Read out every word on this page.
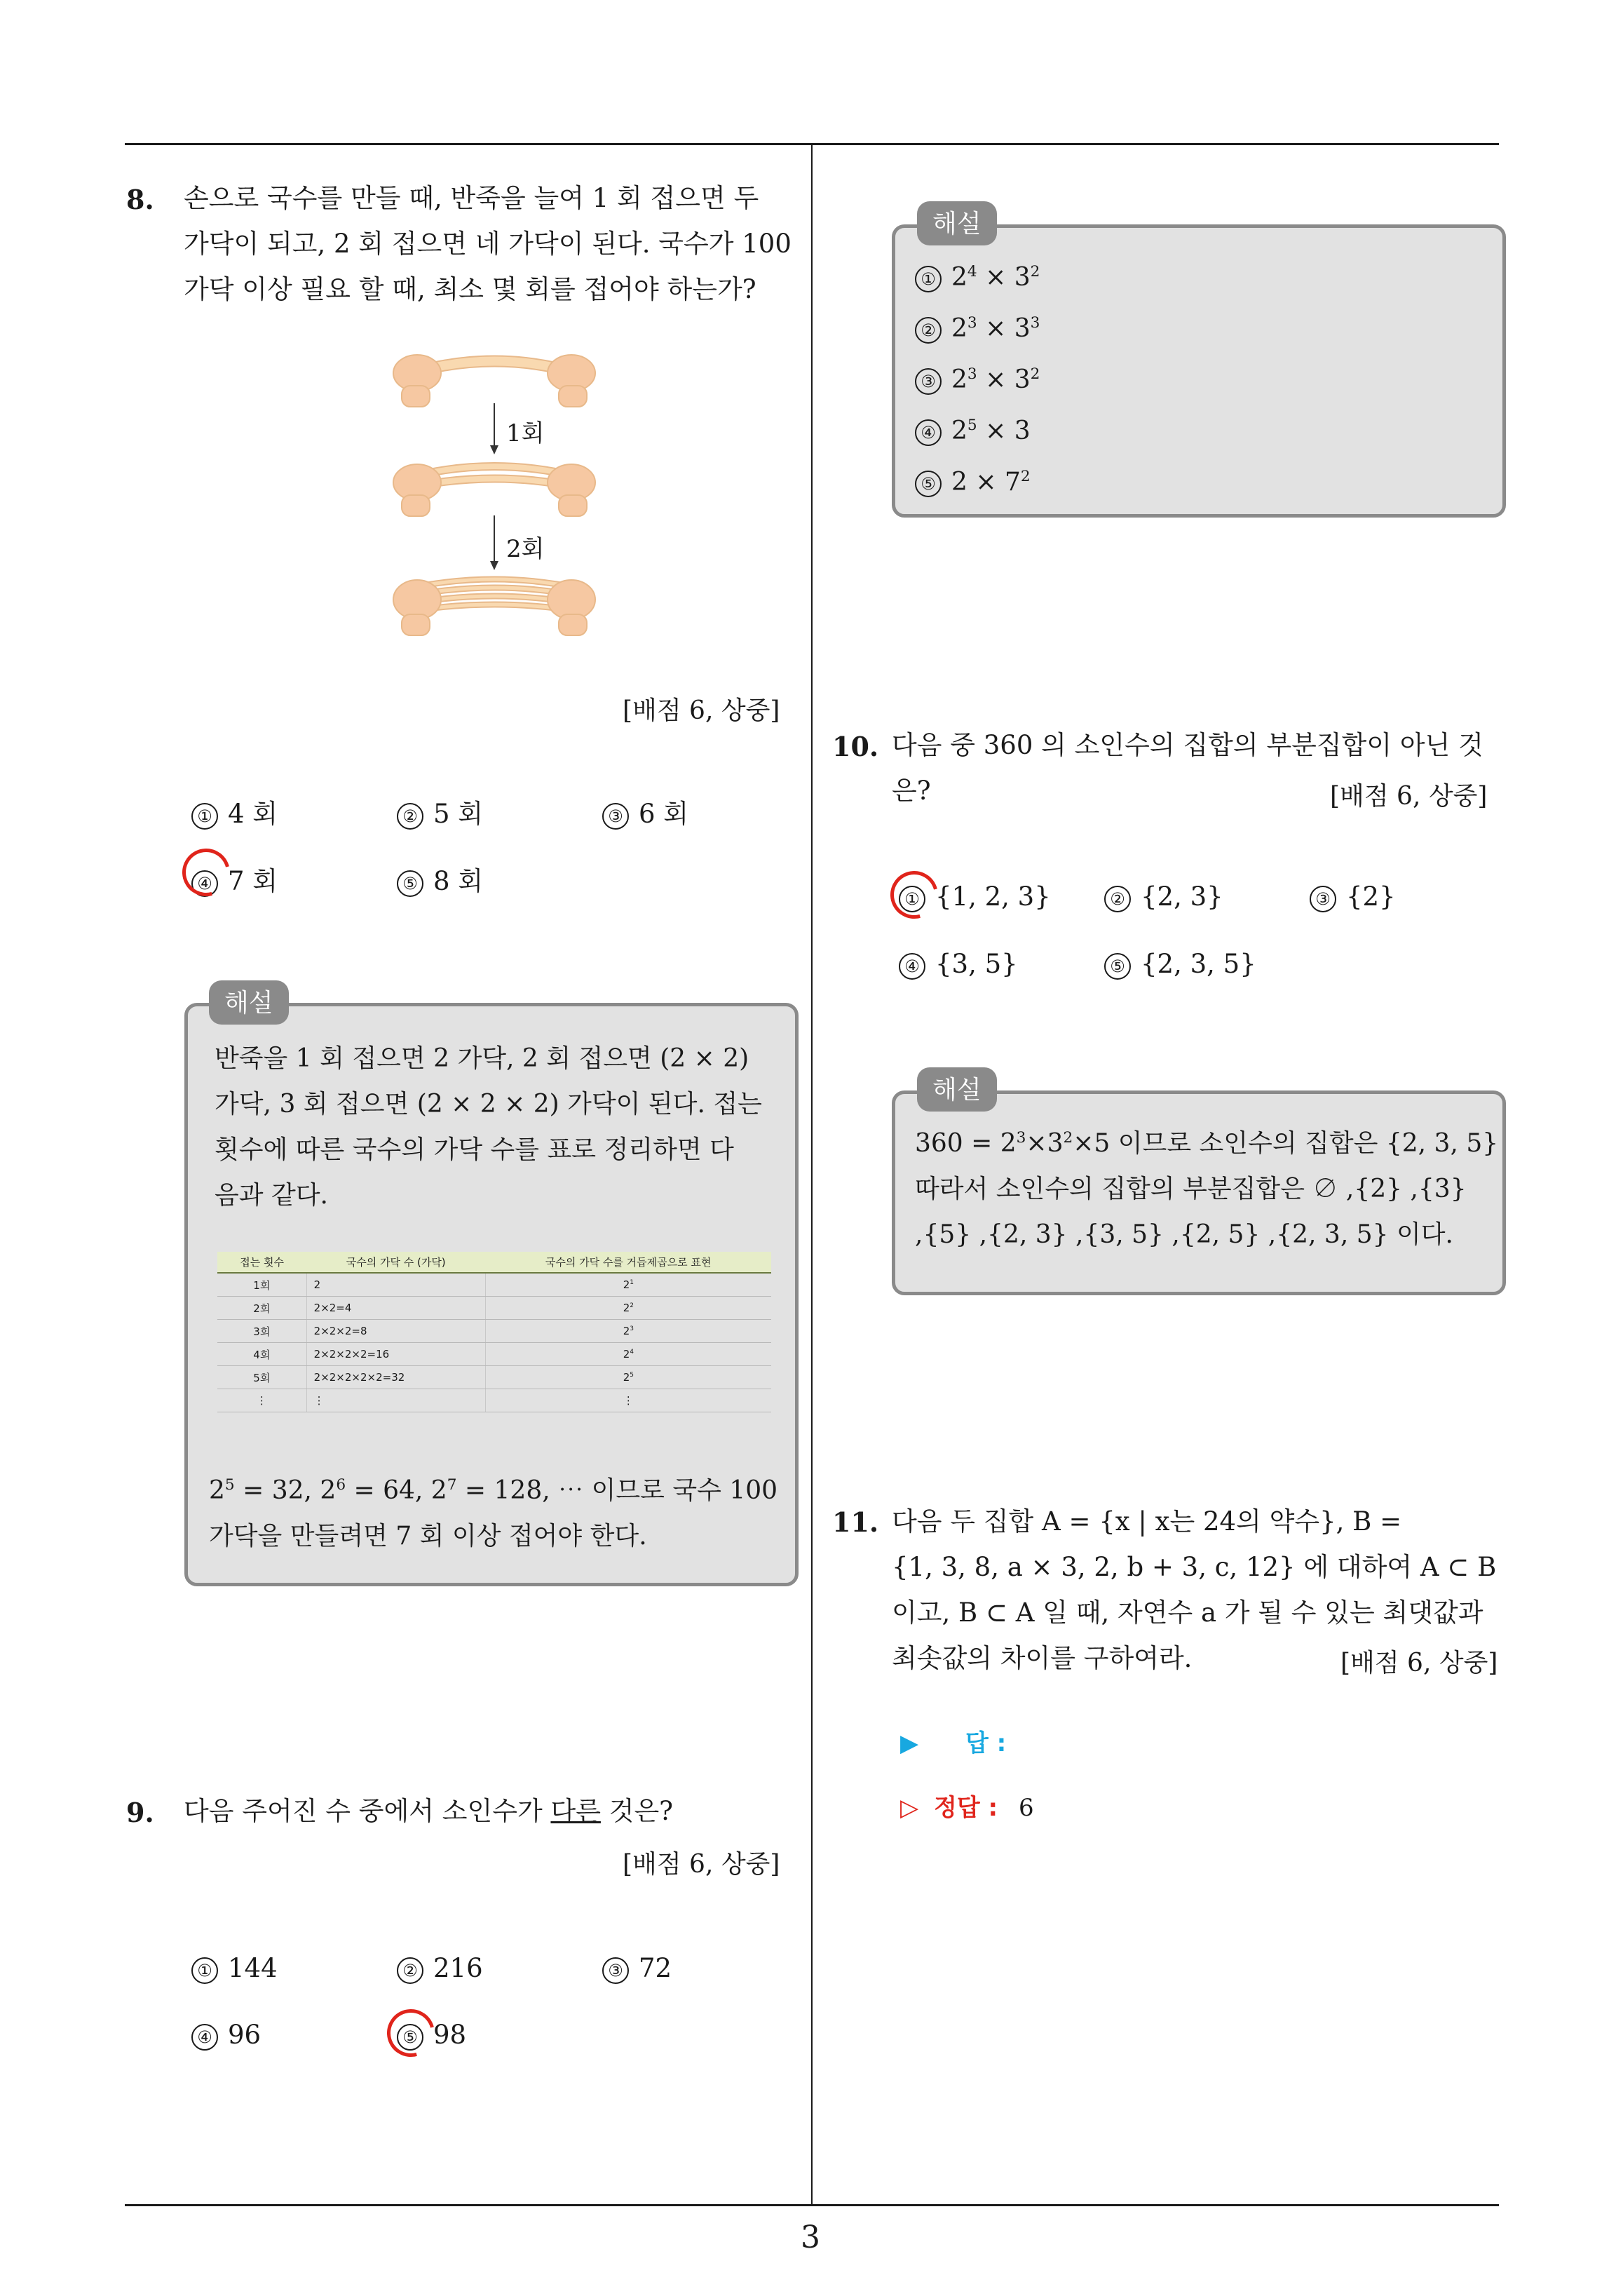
3
8. 손으로 국수를 만들 때, 반죽을 늘여 1 회 접으면 두
가닥이 되고, 2 회 접으면 네 가닥이 된다. 국수가 100
가닥 이상 필요 할 때, 최소 몇 회를 접어야 하는가?
1회
2회
[배점 6, 상중]
① 4 회	② 5 회	③ 6 회
④ 7 회	⑤ 8 회
반죽을 1 회 접으면 2 가닥, 2 회 접으면 (2 × 2)
가닥, 3 회 접으면 (2 × 2 × 2) 가닥이 된다. 접는
횟수에 따른 국수의 가닥 수를 표로 정리하면 다
음과 같다.
접는 횟수	국수의 가닥 수 (가닥)	국수의 가닥 수를 거듭제곱으로 표현
1회	2	$2^1$
2회	2×2=4	$2^2$
3회	2×2×2=8	$2^3$
4회	2×2×2×2=16	$2^4$
5회	2×2×2×2×2=32	$2^5$
⋮	⋮	⋮
$2^5 = 32$, $2^6 = 64$, $2^7 = 128$, ⋯ 이므로 국수 100
가닥을 만들려면 7 회 이상 접어야 한다.
해설
9. 다음 주어진 수 중에서 소인수가 다른 것은?
[배점 6, 상중]
① 144	② 216	③ 72
④ 96	⑤ 98
① $2^4 \times 3^2$
② $2^3 \times 3^3$
③ $2^3 \times 3^2$
④ $2^5 \times 3$
⑤ $2 \times 7^2$
해설
10. 다음 중 360 의 소인수의 집합의 부분집합이 아닌 것
은?	[배점 6, 상중]
① {1, 2, 3}	② {2, 3}	③ {2}
④ {3, 5}	⑤ {2, 3, 5}
$360 = 2^3\times 3^2\times 5$ 이므로 소인수의 집합은 {2, 3, 5}
따라서 소인수의 집합의 부분집합은 ∅ ,{2} ,{3}
,{5} ,{2, 3} ,{3, 5} ,{2, 5} ,{2, 3, 5} 이다.
해설
11. 다음 두 집합 A = {x | x는 24의 약수}, B =
{1, 3, 8, a × 3, 2, b + 3, c, 12} 에 대하여 A ⊂ B
이고, B ⊂ A 일 때, 자연수 a 가 될 수 있는 최댓값과
최솟값의 차이를 구하여라.	[배점 6, 상중]
▶ 답 :
▷ 정답 : 6
